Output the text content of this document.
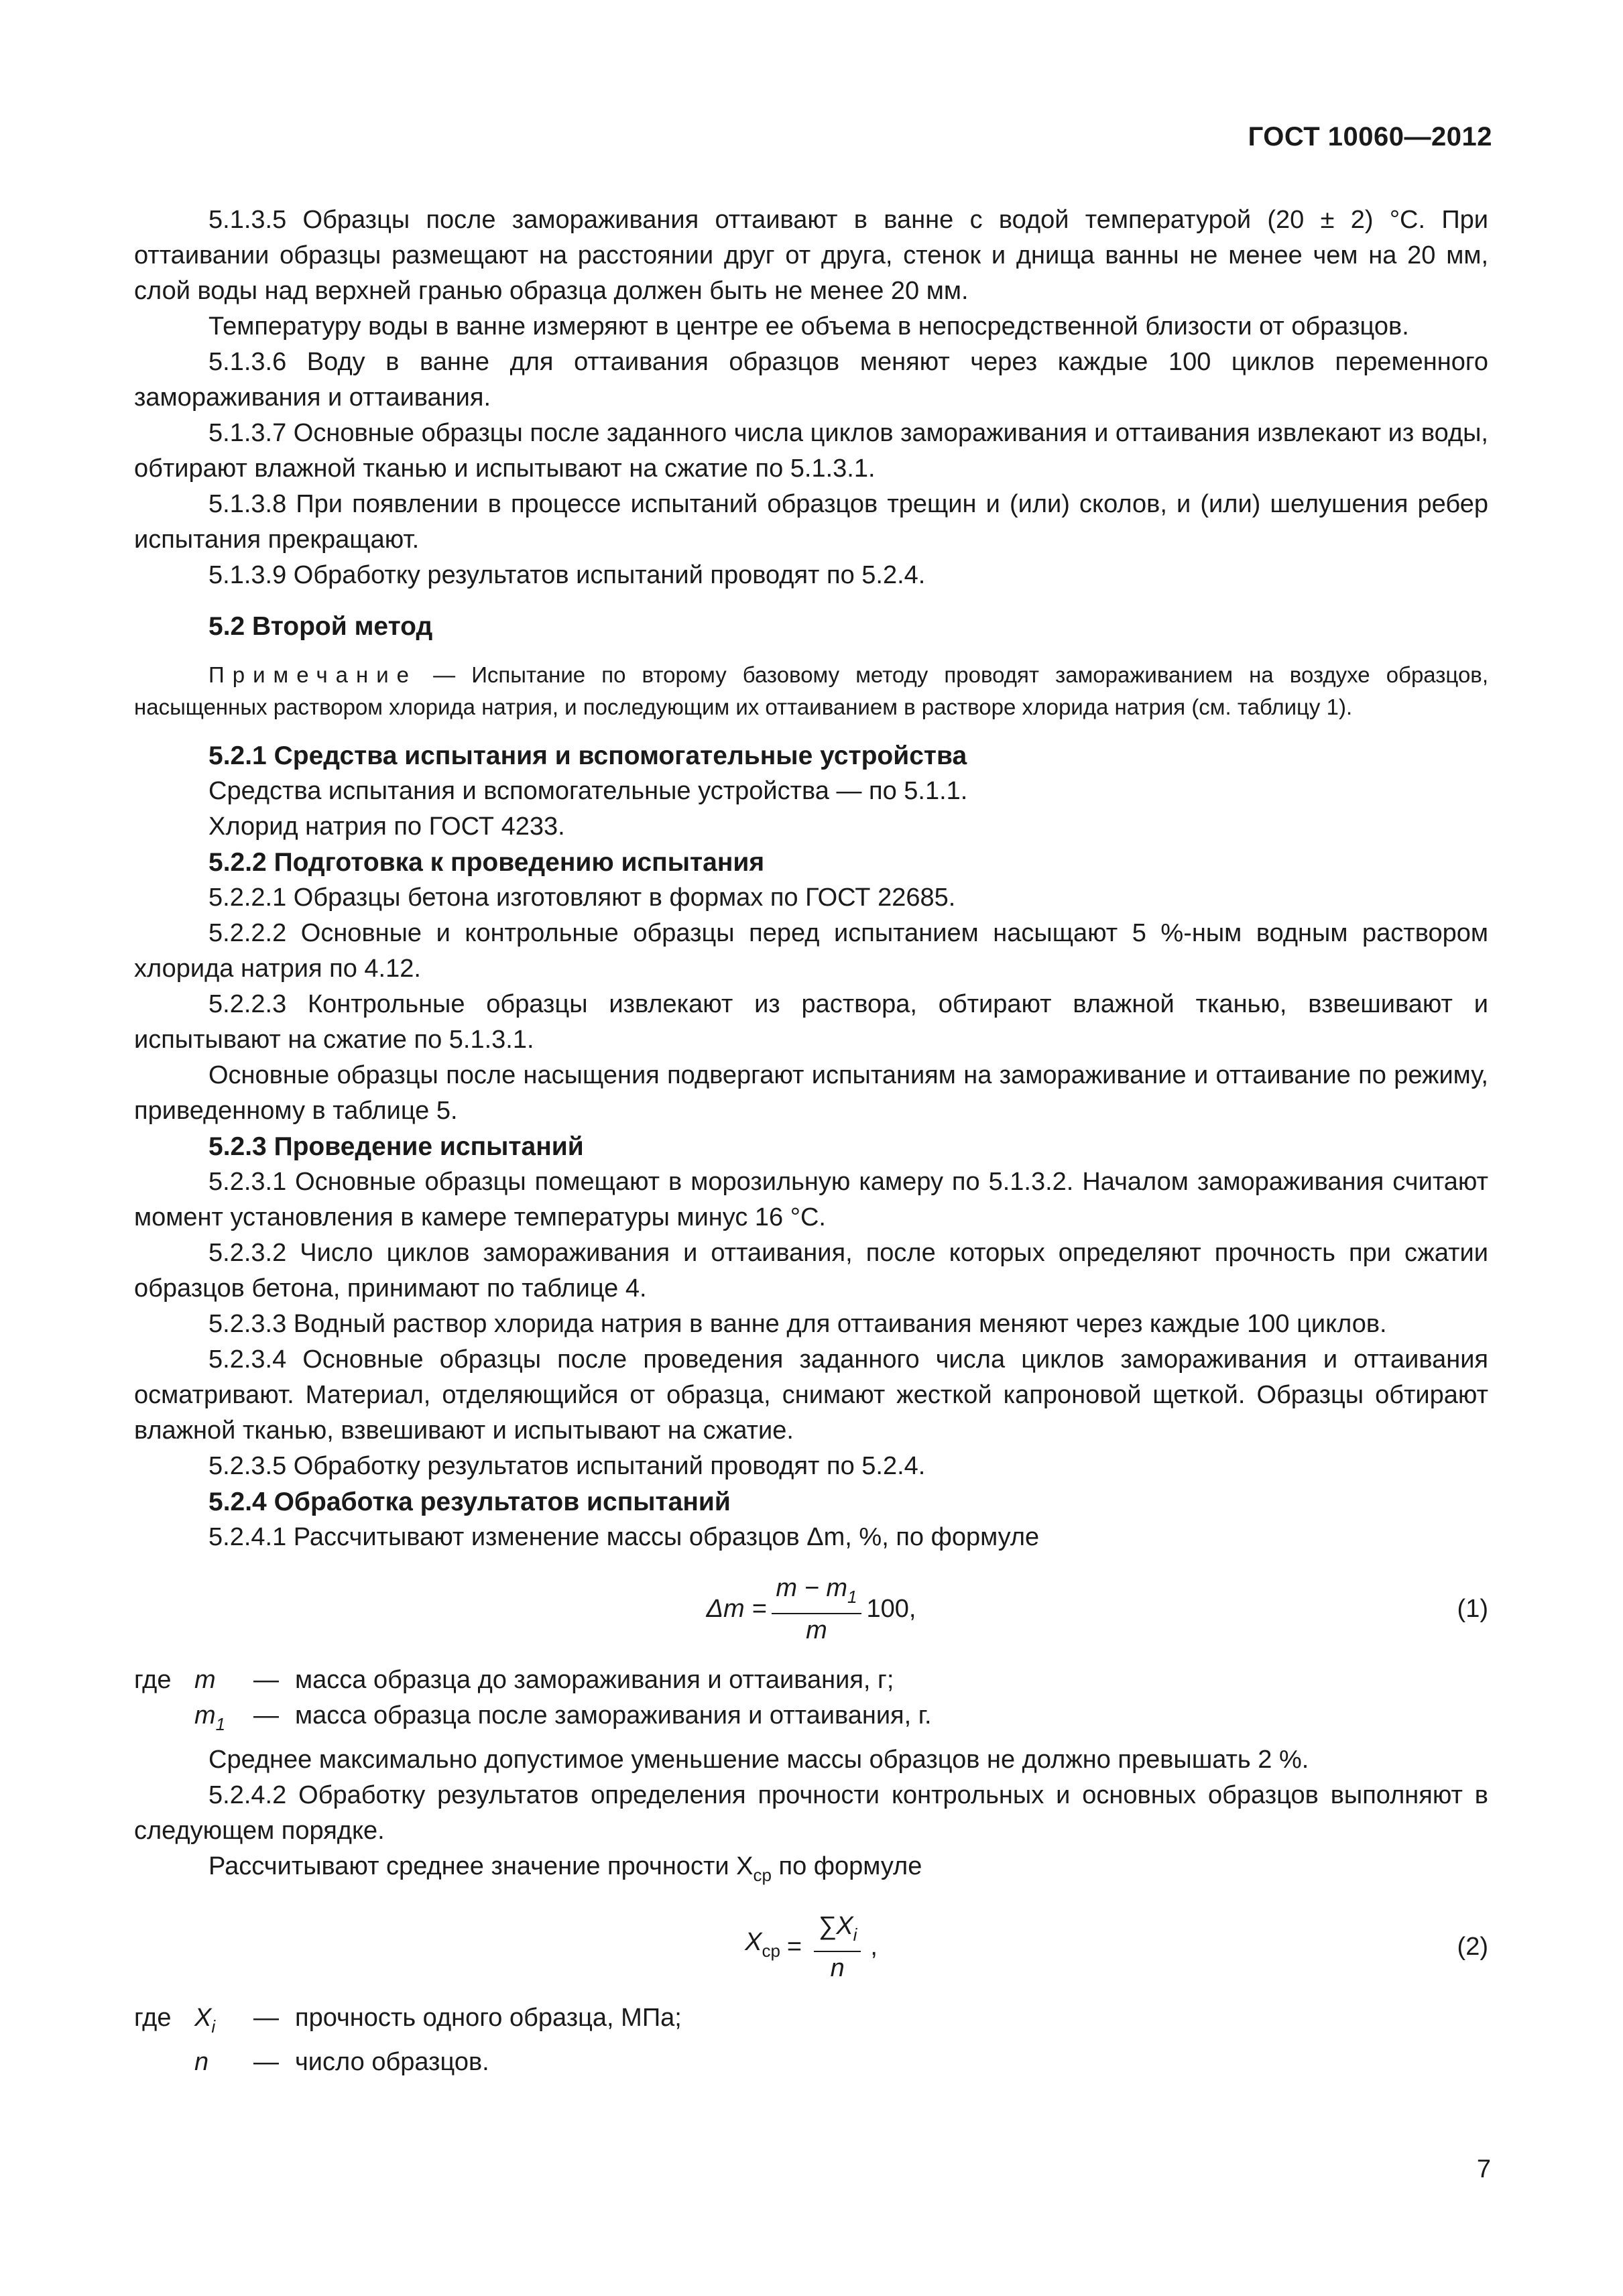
ГОСТ 10060—2012

5.1.3.5 Образцы после замораживания оттаивают в ванне с водой температурой (20 ± 2) °С. При оттаивании образцы размещают на расстоянии друг от друга, стенок и днища ванны не менее чем на 20 мм, слой воды над верхней гранью образца должен быть не менее 20 мм.

Температуру воды в ванне измеряют в центре ее объема в непосредственной близости от образцов.

5.1.3.6 Воду в ванне для оттаивания образцов меняют через каждые 100 циклов переменного замораживания и оттаивания.

5.1.3.7 Основные образцы после заданного числа циклов замораживания и оттаивания извлекают из воды, обтирают влажной тканью и испытывают на сжатие по 5.1.3.1.

5.1.3.8 При появлении в процессе испытаний образцов трещин и (или) сколов, и (или) шелушения ребер испытания прекращают.

5.1.3.9 Обработку результатов испытаний проводят по 5.2.4.

5.2 Второй метод
Примечание — Испытание по второму базовому методу проводят замораживанием на воздухе образцов, насыщенных раствором хлорида натрия, и последующим их оттаиванием в растворе хлорида натрия (см. таблицу 1).
5.2.1 Средства испытания и вспомогательные устройства

Средства испытания и вспомогательные устройства — по 5.1.1.

Хлорид натрия по ГОСТ 4233.

5.2.2 Подготовка к проведению испытания

5.2.2.1 Образцы бетона изготовляют в формах по ГОСТ 22685.

5.2.2.2 Основные и контрольные образцы перед испытанием насыщают 5 %-ным водным раствором хлорида натрия по 4.12.

5.2.2.3 Контрольные образцы извлекают из раствора, обтирают влажной тканью, взвешивают и испытывают на сжатие по 5.1.3.1.

Основные образцы после насыщения подвергают испытаниям на замораживание и оттаивание по режиму, приведенному в таблице 5.

5.2.3 Проведение испытаний

5.2.3.1 Основные образцы помещают в морозильную камеру по 5.1.3.2. Началом замораживания считают момент установления в камере температуры минус 16 °С.

5.2.3.2 Число циклов замораживания и оттаивания, после которых определяют прочность при сжатии образцов бетона, принимают по таблице 4.

5.2.3.3 Водный раствор хлорида натрия в ванне для оттаивания меняют через каждые 100 циклов.

5.2.3.4 Основные образцы после проведения заданного числа циклов замораживания и оттаивания осматривают. Материал, отделяющийся от образца, снимают жесткой капроновой щеткой. Образцы обтирают влажной тканью, взвешивают и испытывают на сжатие.

5.2.3.5 Обработку результатов испытаний проводят по 5.2.4.

5.2.4 Обработка результатов испытаний

5.2.4.1 Рассчитывают изменение массы образцов Δm, %, по формуле

$\Delta m = \frac{m - m_1}{m} 100$,	(1)
где m	— масса образца до замораживания и оттаивания, г;
$m_1$	— масса образца после замораживания и оттаивания, г.

Среднее максимально допустимое уменьшение массы образцов не должно превышать 2 %.

5.2.4.2 Обработку результатов определения прочности контрольных и основных образцов выполняют в следующем порядке.

Рассчитывают среднее значение прочности $X_{ср}$ по формуле

$X_{ср} = \frac{\sum X_i}{n}$ ,	(2)
где $X_i$	— прочность одного образца, МПа;
n	— число образцов.
7
